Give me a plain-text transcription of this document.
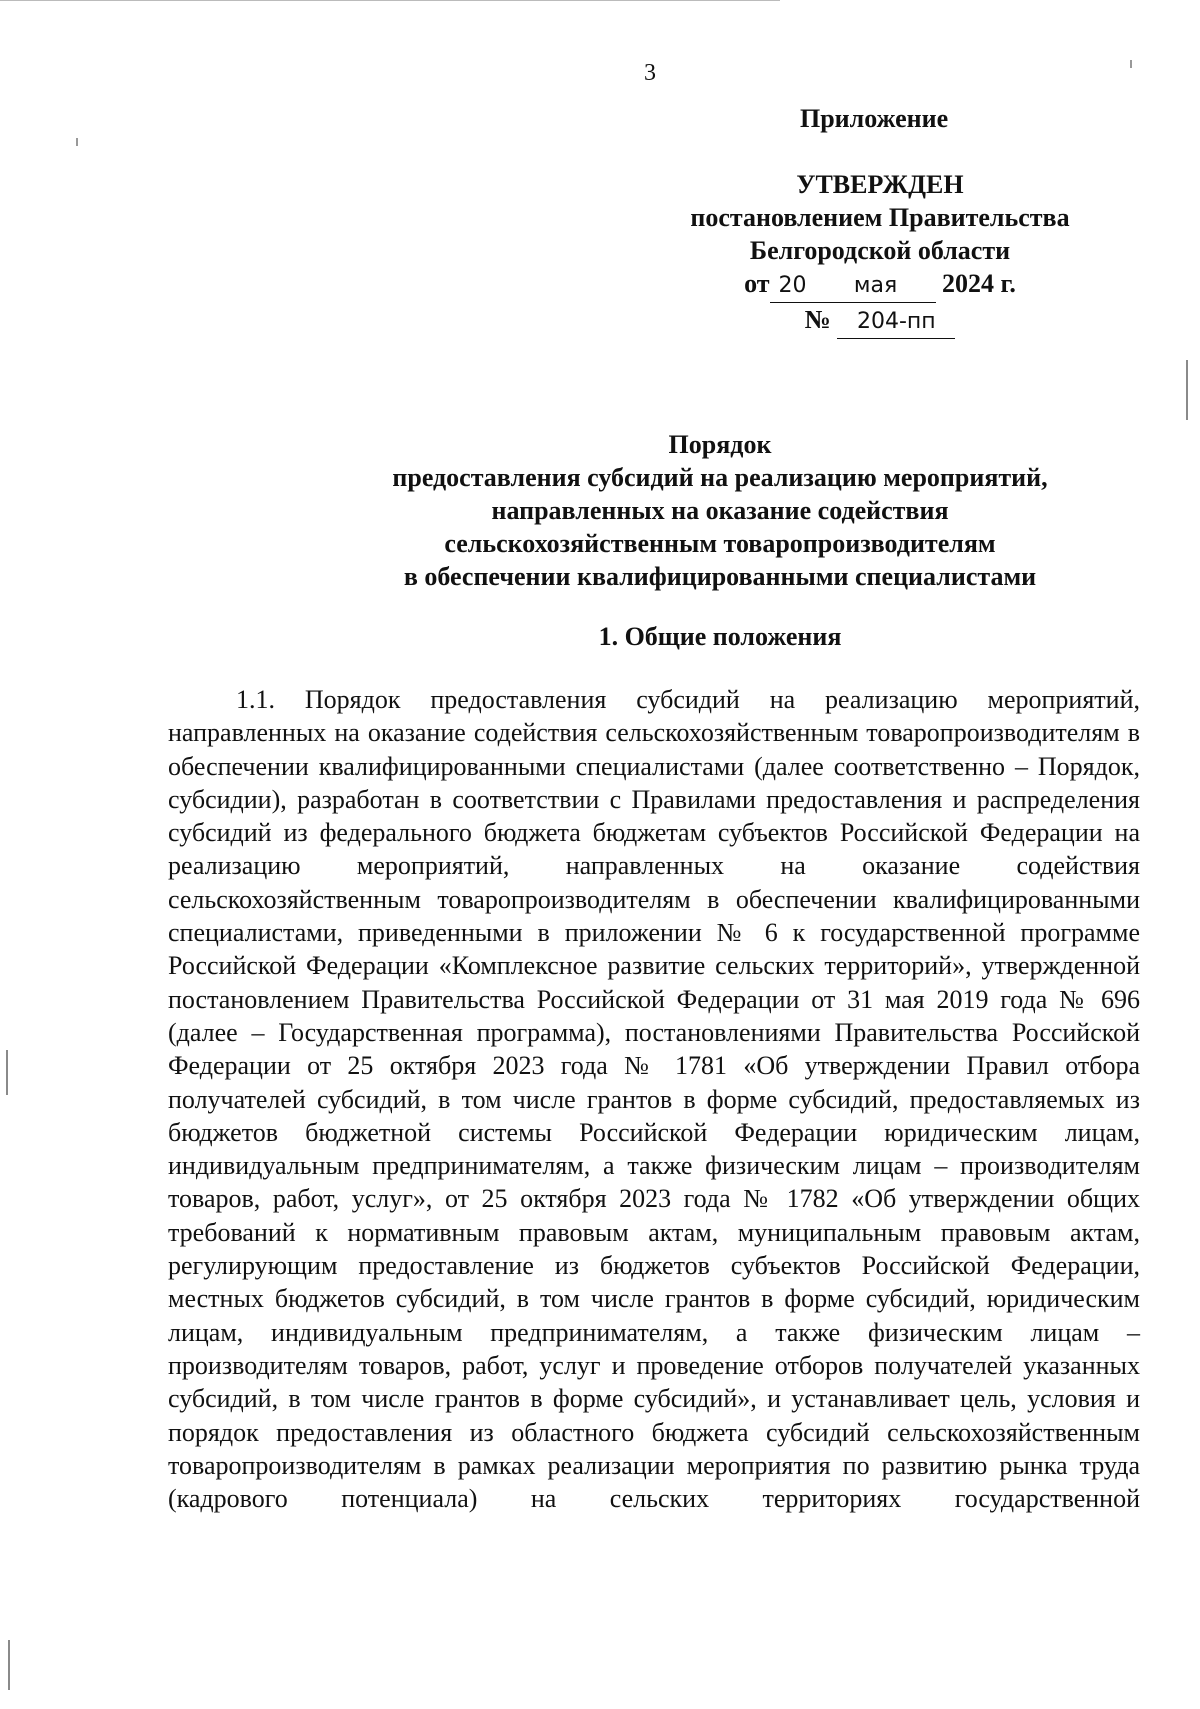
3
Приложение
УТВЕРЖДЕН
постановлением Правительства
Белгородской области
от 20 мая 2024 г.
№ 204-пп
Порядок
предоставления субсидий на реализацию мероприятий,
направленных на оказание содействия
сельскохозяйственным товаропроизводителям
в обеспечении квалифицированными специалистами
1. Общие положения

1.1. Порядок предоставления субсидий на реализацию мероприятий, направленных на оказание содействия сельскохозяйственным товаропроизводителям в обеспечении квалифицированными специалистами (далее соответственно – Порядок, субсидии), разработан в соответствии с Правилами предоставления и распределения субсидий из федерального бюджета бюджетам субъектов Российской Федерации на реализацию мероприятий, направленных на оказание содействия сельскохозяйственным товаропроизводителям в обеспечении квалифицированными специалистами, приведенными в приложении № 6 к государственной программе Российской Федерации «Комплексное развитие сельских территорий», утвержденной постановлением Правительства Российской Федерации от 31 мая 2019 года № 696 (далее – Государственная программа), постановлениями Правительства Российской Федерации от 25 октября 2023 года № 1781 «Об утверждении Правил отбора получателей субсидий, в том числе грантов в форме субсидий, предоставляемых из бюджетов бюджетной системы Российской Федерации юридическим лицам, индивидуальным предпринимателям, а также физическим лицам – производителям товаров, работ, услуг», от 25 октября 2023 года № 1782 «Об утверждении общих требований к нормативным правовым актам, муниципальным правовым актам, регулирующим предоставление из бюджетов субъектов Российской Федерации, местных бюджетов субсидий, в том числе грантов в форме субсидий, юридическим лицам, индивидуальным предпринимателям, а также физическим лицам – производителям товаров, работ, услуг и проведение отборов получателей указанных субсидий, в том числе грантов в форме субсидий», и устанавливает цель, условия и порядок предоставления из областного бюджета субсидий сельскохозяйственным товаропроизводителям в рамках реализации мероприятия по развитию рынка труда (кадрового потенциала) на сельских территориях государственной
